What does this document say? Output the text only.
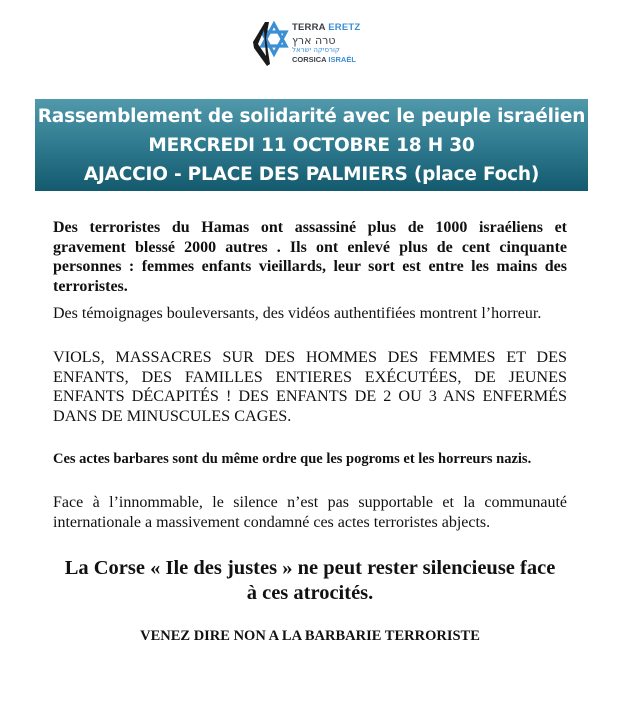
TERRA ERETZ
טרה ארץ
קורסיקה ישראל
CORSICA ISRAËL
Rassemblement de solidarité avec le peuple israélien
MERCREDI 11 OCTOBRE 18 H 30
AJACCIO - PLACE DES PALMIERS (place Foch)

Des terroristes du Hamas ont assassiné plus de 1000 israéliens et gravement blessé 2000 autres . Ils ont enlevé plus de cent cinquante personnes : femmes enfants vieillards, leur sort est entre les mains des terroristes.

Des témoignages bouleversants, des vidéos authentifiées montrent l’horreur.

VIOLS, MASSACRES SUR DES HOMMES DES FEMMES ET DES ENFANTS, DES FAMILLES ENTIERES EXÉCUTÉES, DE JEUNES ENFANTS DÉCAPITÉS ! DES ENFANTS DE 2 OU 3 ANS ENFERMÉS DANS DE MINUSCULES CAGES.

Ces actes barbares sont du même ordre que les pogroms et les horreurs nazis.

Face à l’innommable, le silence n’est pas supportable et la communauté internationale a massivement condamné ces actes terroristes abjects.

La Corse « Ile des justes » ne peut rester silencieuse face
à ces atrocités.
VENEZ DIRE NON A LA BARBARIE TERRORISTE
